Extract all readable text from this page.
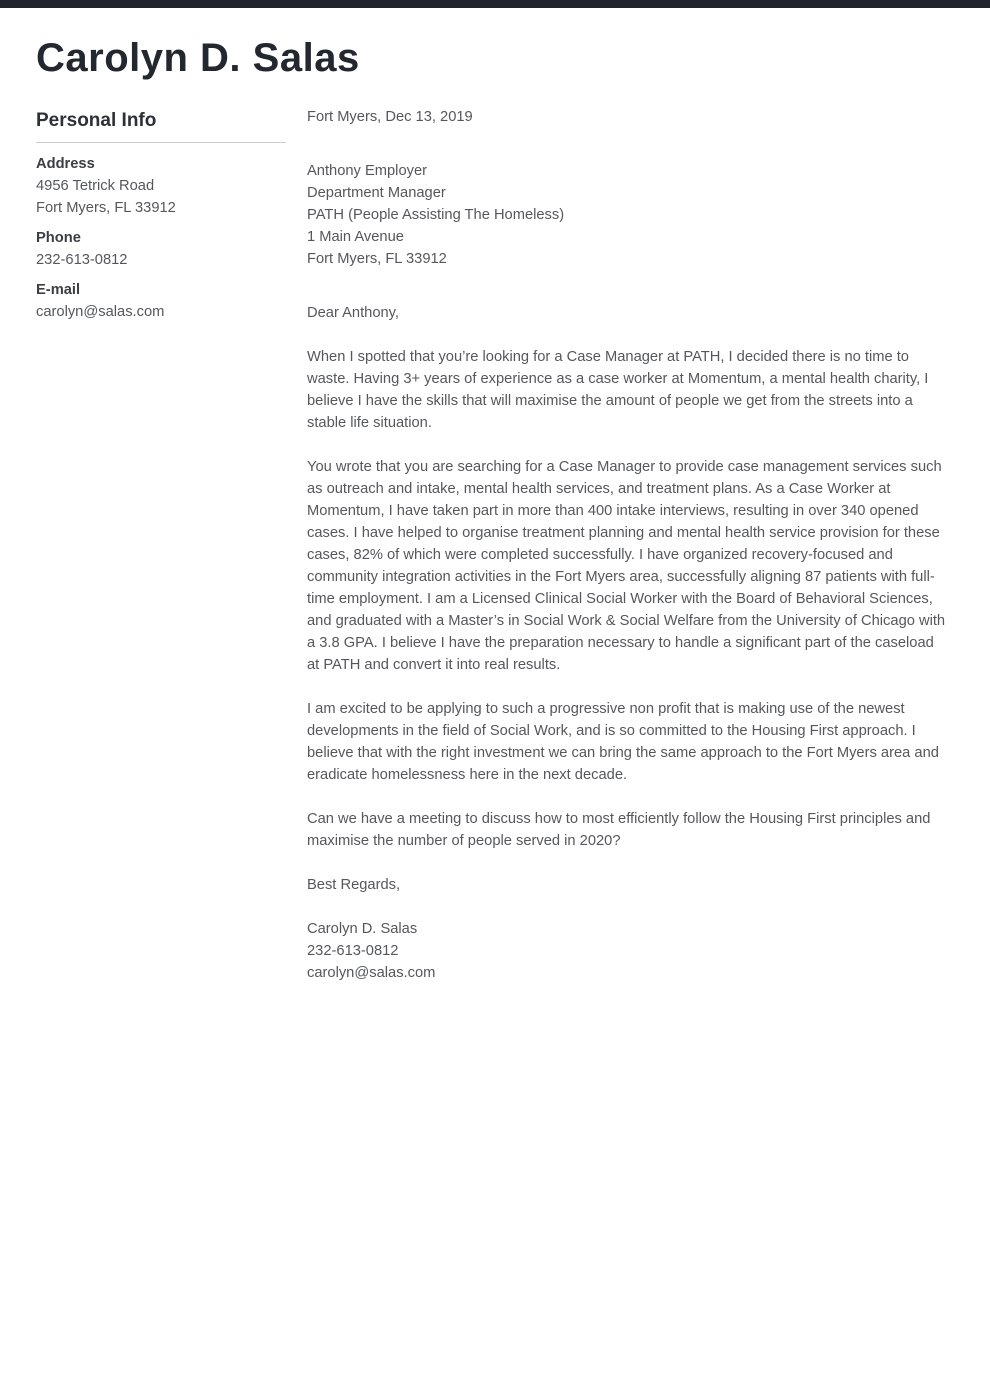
Carolyn D. Salas
Personal Info
Address
4956 Tetrick Road
Fort Myers, FL 33912
Phone
232-613-0812
E-mail
carolyn@salas.com
Fort Myers, Dec 13, 2019
Anthony Employer
Department Manager
PATH (People Assisting The Homeless)
1 Main Avenue
Fort Myers, FL 33912
Dear Anthony,

When I spotted that you’re looking for a Case Manager at PATH, I decided there is no time to waste. Having 3+ years of experience as a case worker at Momentum, a mental health charity, I believe I have the skills that will maximise the amount of people we get from the streets into a stable life situation.

You wrote that you are searching for a Case Manager to provide case management services such as outreach and intake, mental health services, and treatment plans. As a Case Worker at Momentum, I have taken part in more than 400 intake interviews, resulting in over 340 opened cases. I have helped to organise treatment planning and mental health service provision for these cases, 82% of which were completed successfully. I have organized recovery-focused and community integration activities in the Fort Myers area, successfully aligning 87 patients with full-time employment. I am a Licensed Clinical Social Worker with the Board of Behavioral Sciences, and graduated with a Master’s in Social Work & Social Welfare from the University of Chicago with a 3.8 GPA. I believe I have the preparation necessary to handle a significant part of the caseload at PATH and convert it into real results.

I am excited to be applying to such a progressive non profit that is making use of the newest developments in the field of Social Work, and is so committed to the Housing First approach. I believe that with the right investment we can bring the same approach to the Fort Myers area and eradicate homelessness here in the next decade.

Can we have a meeting to discuss how to most efficiently follow the Housing First principles and maximise the number of people served in 2020?

Best Regards,
Carolyn D. Salas
232-613-0812
carolyn@salas.com
